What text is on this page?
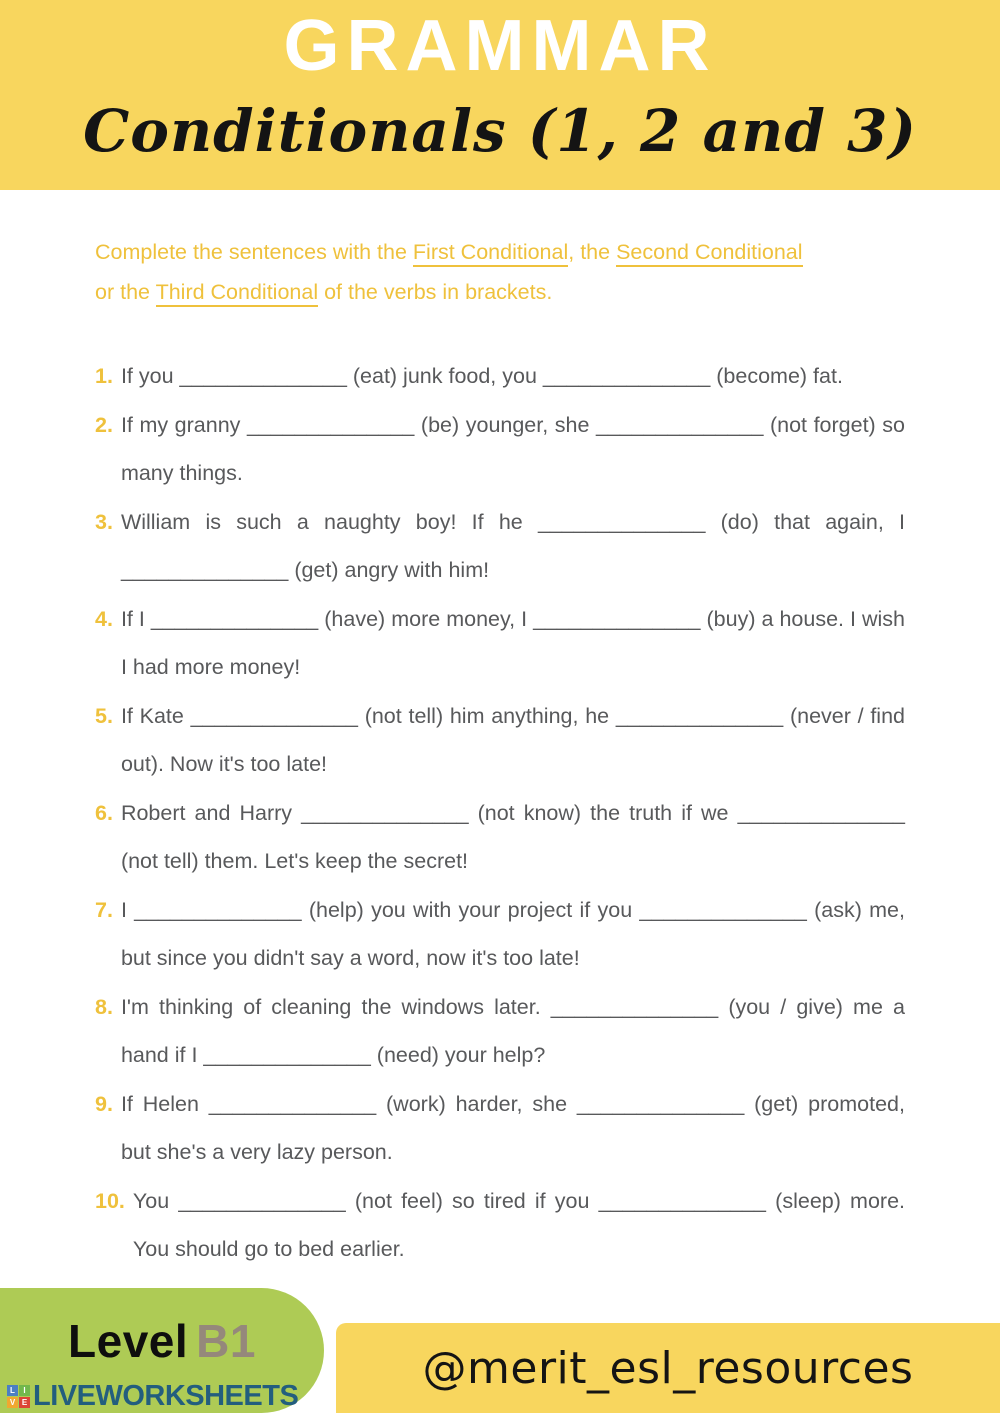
GRAMMAR
Conditionals (1, 2 and 3)
Complete the sentences with the First Conditional, the Second Conditional
or the Third Conditional of the verbs in brackets.
1. If you ______________ (eat) junk food, you ______________ (become) fat.
2. If my granny ______________ (be) younger, she ______________ (not forget) so many things.
3. William is such a naughty boy! If he ______________ (do) that again, I ______________ (get) angry with him!
4. If I ______________ (have) more money, I ______________ (buy) a house. I wish I had more money!
5. If Kate ______________ (not tell) him anything, he ______________ (never / find out). Now it's too late!
6. Robert and Harry ______________ (not know) the truth if we ______________ (not tell) them. Let's keep the secret!
7. I ______________ (help) you with your project if you ______________ (ask) me, but since you didn't say a word, now it's too late!
8. I'm thinking of cleaning the windows later. ______________ (you / give) me a hand if I ______________ (need) your help?
9. If Helen ______________ (work) harder, she ______________ (get) promoted, but she's a very lazy person.
10. You ______________ (not feel) so tired if you ______________ (sleep) more. You should go to bed earlier.
Level B1
L	I
V E LIVEWORKSHEETS
@merit_esl_resources
